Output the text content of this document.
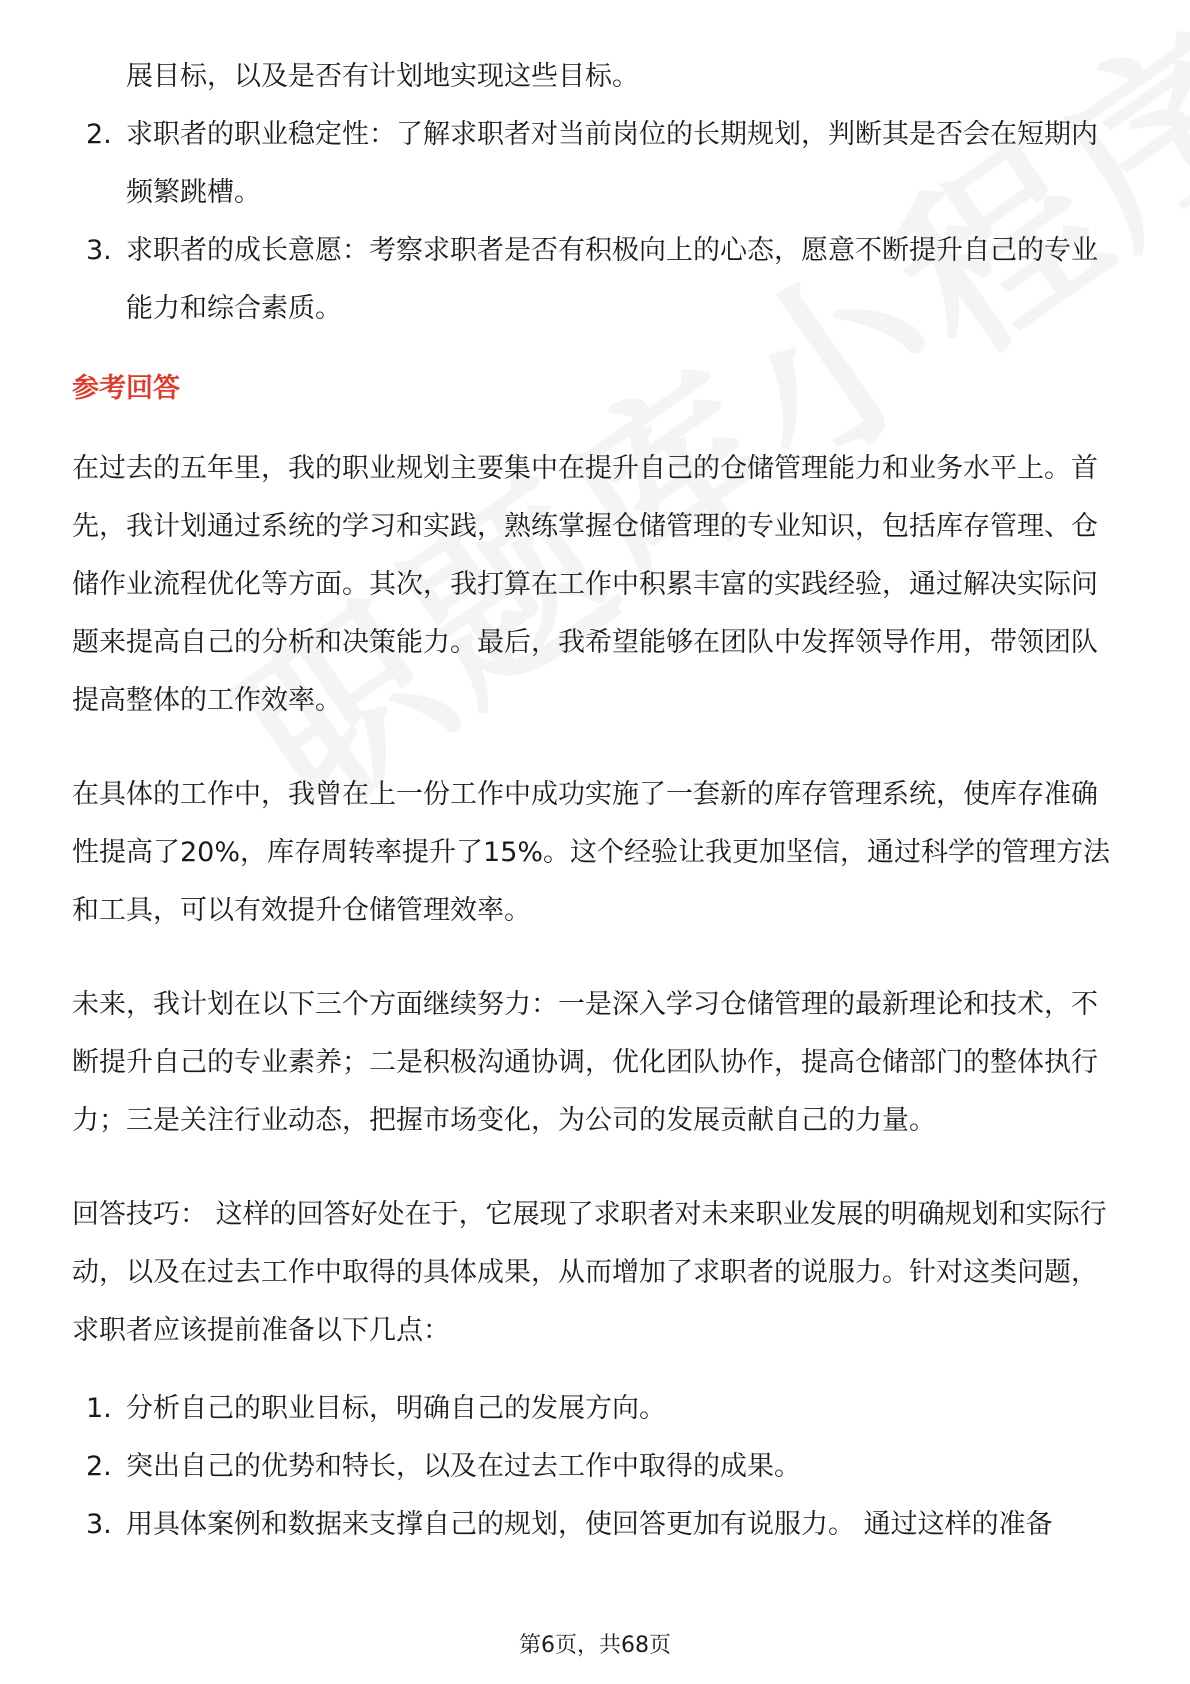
展目标，以及是否有计划地实现这些目标。

2. 求职者的职业稳定性：了解求职者对当前岗位的长期规划，判断其是否会在短期内频繁跳槽。
3. 求职者的成长意愿：考察求职者是否有积极向上的心态，愿意不断提升自己的专业能力和综合素质。
参考回答

在过去的五年里，我的职业规划主要集中在提升自己的仓储管理能力和业务水平上。首先，我计划通过系统的学习和实践，熟练掌握仓储管理的专业知识，包括库存管理、仓储作业流程优化等方面。其次，我打算在工作中积累丰富的实践经验，通过解决实际问题来提高自己的分析和决策能力。最后，我希望能够在团队中发挥领导作用，带领团队提高整体的工作效率。

在具体的工作中，我曾在上一份工作中成功实施了一套新的库存管理系统，使库存准确性提高了20%，库存周转率提升了15%。这个经验让我更加坚信，通过科学的管理方法和工具，可以有效提升仓储管理效率。

未来，我计划在以下三个方面继续努力：一是深入学习仓储管理的最新理论和技术，不断提升自己的专业素养；二是积极沟通协调，优化团队协作，提高仓储部门的整体执行力；三是关注行业动态，把握市场变化，为公司的发展贡献自己的力量。

回答技巧： 这样的回答好处在于，它展现了求职者对未来职业发展的明确规划和实际行动，以及在过去工作中取得的具体成果，从而增加了求职者的说服力。针对这类问题，求职者应该提前准备以下几点：

1. 分析自己的职业目标，明确自己的发展方向。
2. 突出自己的优势和特长，以及在过去工作中取得的成果。
3. 用具体案例和数据来支撑自己的规划，使回答更加有说服力。 通过这样的准备
第6页，共68页
